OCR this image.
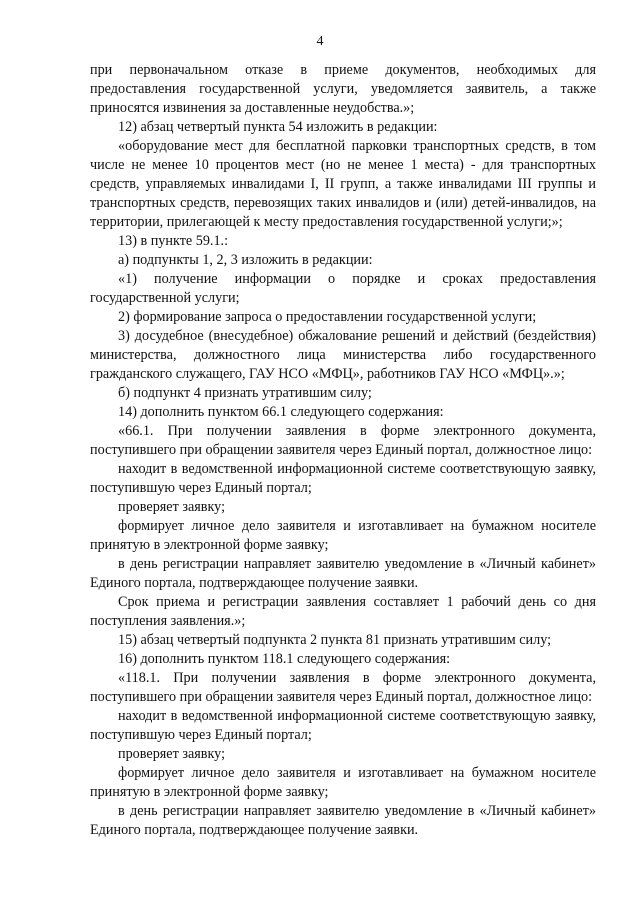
4

при первоначальном отказе в приеме документов, необходимых для предоставления государственной услуги, уведомляется заявитель, а также приносятся извинения за доставленные неудобства.»;

12) абзац четвертый пункта 54 изложить в редакции:

«оборудование мест для бесплатной парковки транспортных средств, в том числе не менее 10 процентов мест (но не менее 1 места) - для транспортных средств, управляемых инвалидами I, II групп, а также инвалидами III группы и транспортных средств, перевозящих таких инвалидов и (или) детей-инвалидов, на территории, прилегающей к месту предоставления государственной услуги;»;

13) в пункте 59.1.:

а) подпункты 1, 2, 3 изложить в редакции:

«1) получение информации о порядке и сроках предоставления государственной услуги;

2) формирование запроса о предоставлении государственной услуги;

3) досудебное (внесудебное) обжалование решений и действий (бездействия) министерства, должностного лица министерства либо государственного гражданского служащего, ГАУ НСО «МФЦ», работников ГАУ НСО «МФЦ».»;

б) подпункт 4 признать утратившим силу;

14) дополнить пунктом 66.1 следующего содержания:

«66.1. При получении заявления в форме электронного документа, поступившего при обращении заявителя через Единый портал, должностное лицо:

находит в ведомственной информационной системе соответствующую заявку, поступившую через Единый портал;

проверяет заявку;

формирует личное дело заявителя и изготавливает на бумажном носителе принятую в электронной форме заявку;

в день регистрации направляет заявителю уведомление в «Личный кабинет» Единого портала, подтверждающее получение заявки.

Срок приема и регистрации заявления составляет 1 рабочий день со дня поступления заявления.»;

15) абзац четвертый подпункта 2 пункта 81 признать утратившим силу;

16) дополнить пунктом 118.1 следующего содержания:

«118.1. При получении заявления в форме электронного документа, поступившего при обращении заявителя через Единый портал, должностное лицо:

находит в ведомственной информационной системе соответствующую заявку, поступившую через Единый портал;

проверяет заявку;

формирует личное дело заявителя и изготавливает на бумажном носителе принятую в электронной форме заявку;

в день регистрации направляет заявителю уведомление в «Личный кабинет» Единого портала, подтверждающее получение заявки.
